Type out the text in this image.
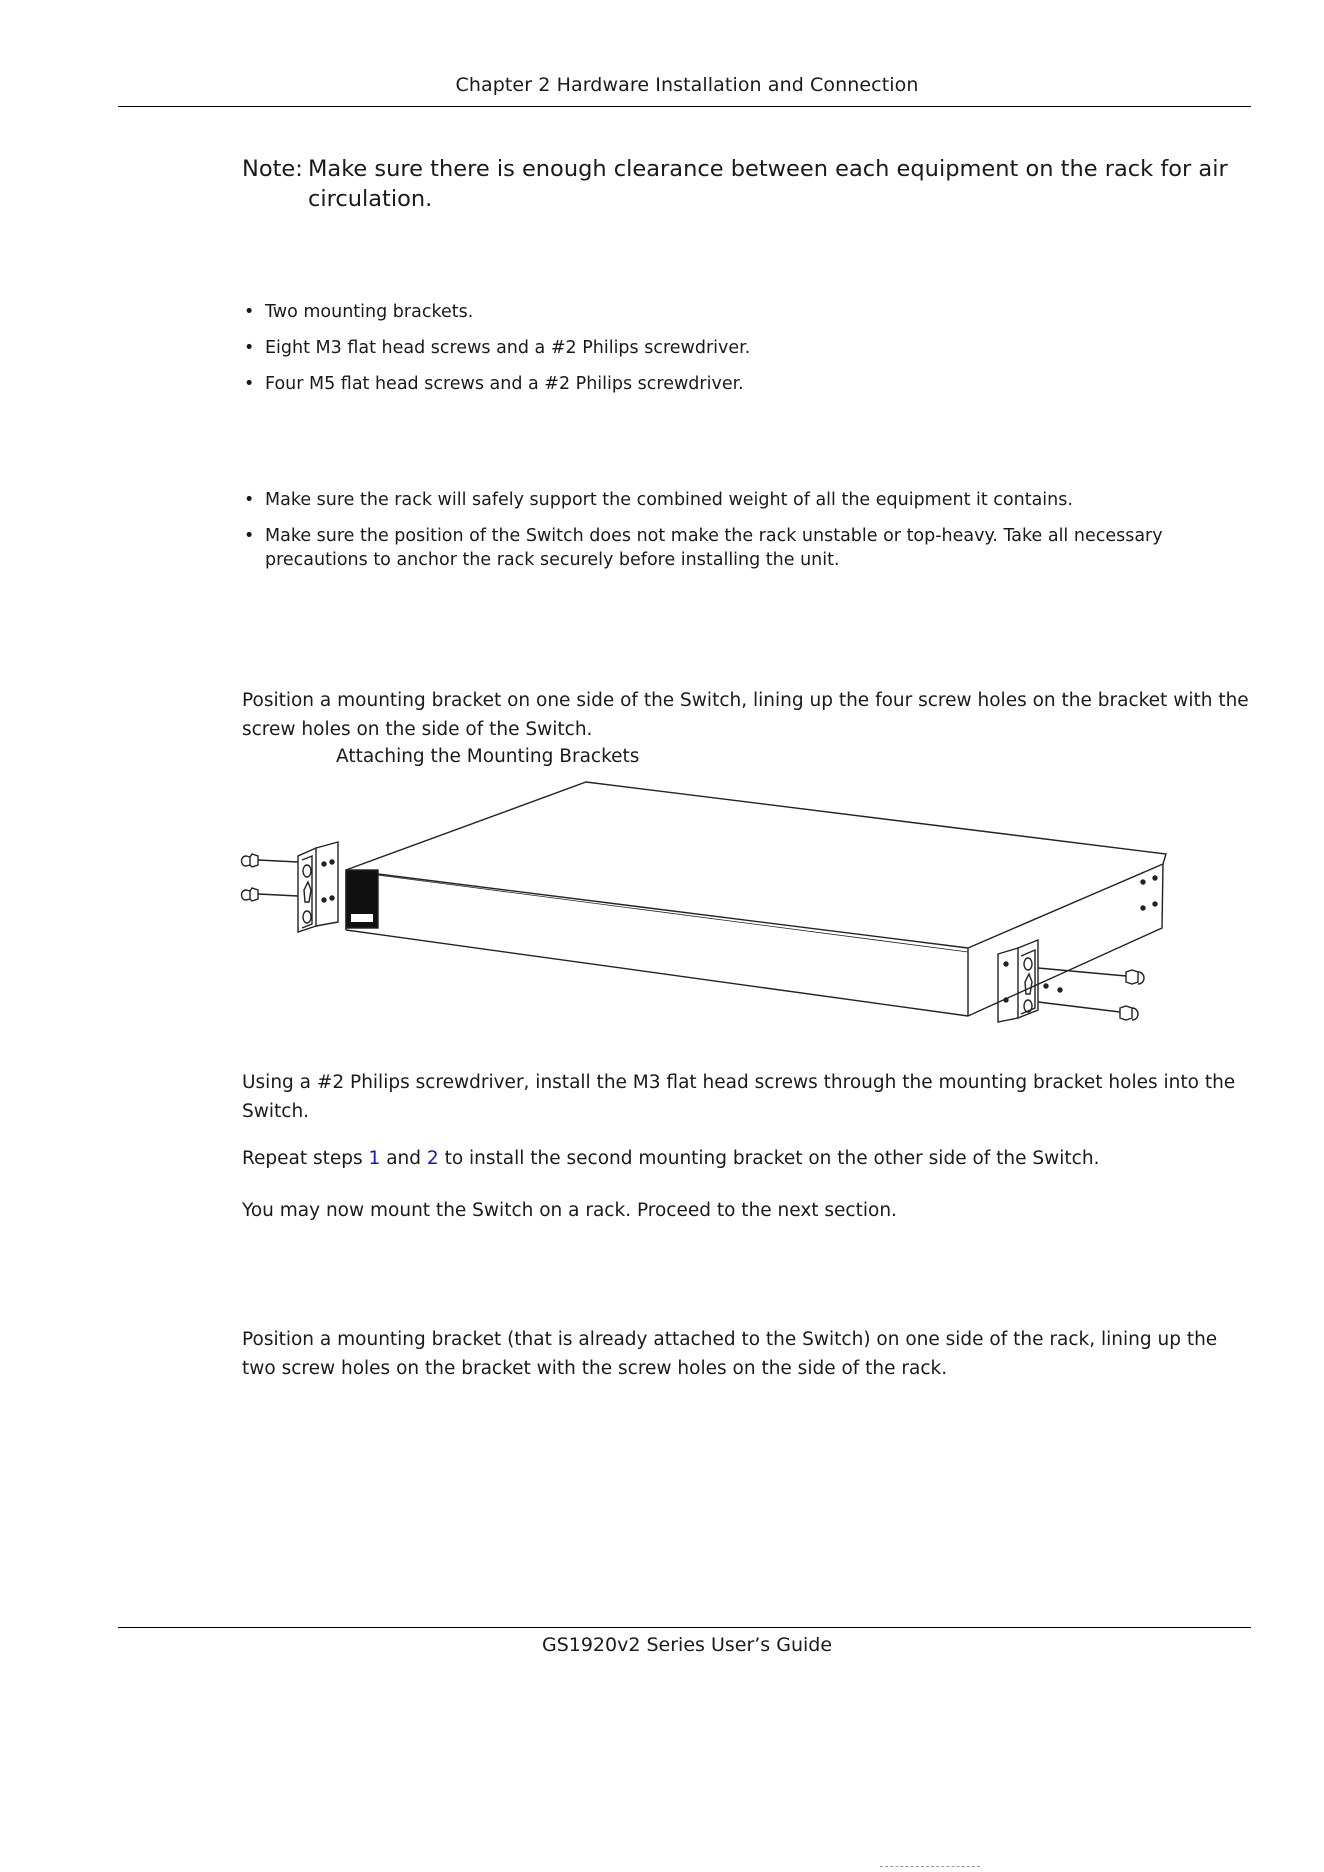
Chapter 2 Hardware Installation and Connection
Note: Make sure there is enough clearance between each equipment on the rack for air
circulation.
• Two mounting brackets.
• Eight M3 flat head screws and a #2 Philips screwdriver.
• Four M5 flat head screws and a #2 Philips screwdriver.
• Make sure the rack will safely support the combined weight of all the equipment it contains.
• Make sure the position of the Switch does not make the rack unstable or top-heavy. Take all necessary precautions to anchor the rack securely before installing the unit.

Position a mounting bracket on one side of the Switch, lining up the four screw holes on the bracket with the screw holes on the side of the Switch.

Attaching the Mounting Brackets

Using a #2 Philips screwdriver, install the M3 flat head screws through the mounting bracket holes into the Switch.

Repeat steps 1 and 2 to install the second mounting bracket on the other side of the Switch.

You may now mount the Switch on a rack. Proceed to the next section.

Position a mounting bracket (that is already attached to the Switch) on one side of the rack, lining up the two screw holes on the bracket with the screw holes on the side of the rack.

GS1920v2 Series User’s Guide
